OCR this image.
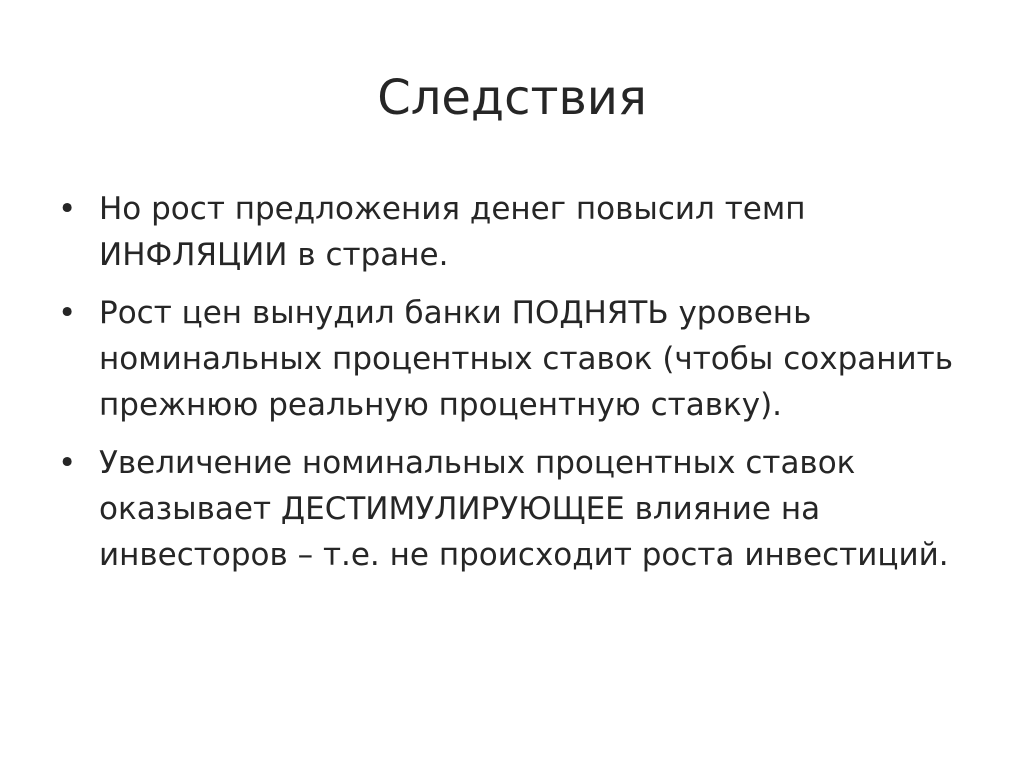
Следствия
• Но рост предложения денег повысил темп ИНФЛЯЦИИ в стране.
• Рост цен вынудил банки ПОДНЯТЬ уровень номинальных процентных ставок (чтобы сохранить прежнюю реальную процентную ставку).
• Увеличение номинальных процентных ставок оказывает ДЕСТИМУЛИРУЮЩЕЕ влияние на инвесторов – т.е. не происходит роста инвестиций.
